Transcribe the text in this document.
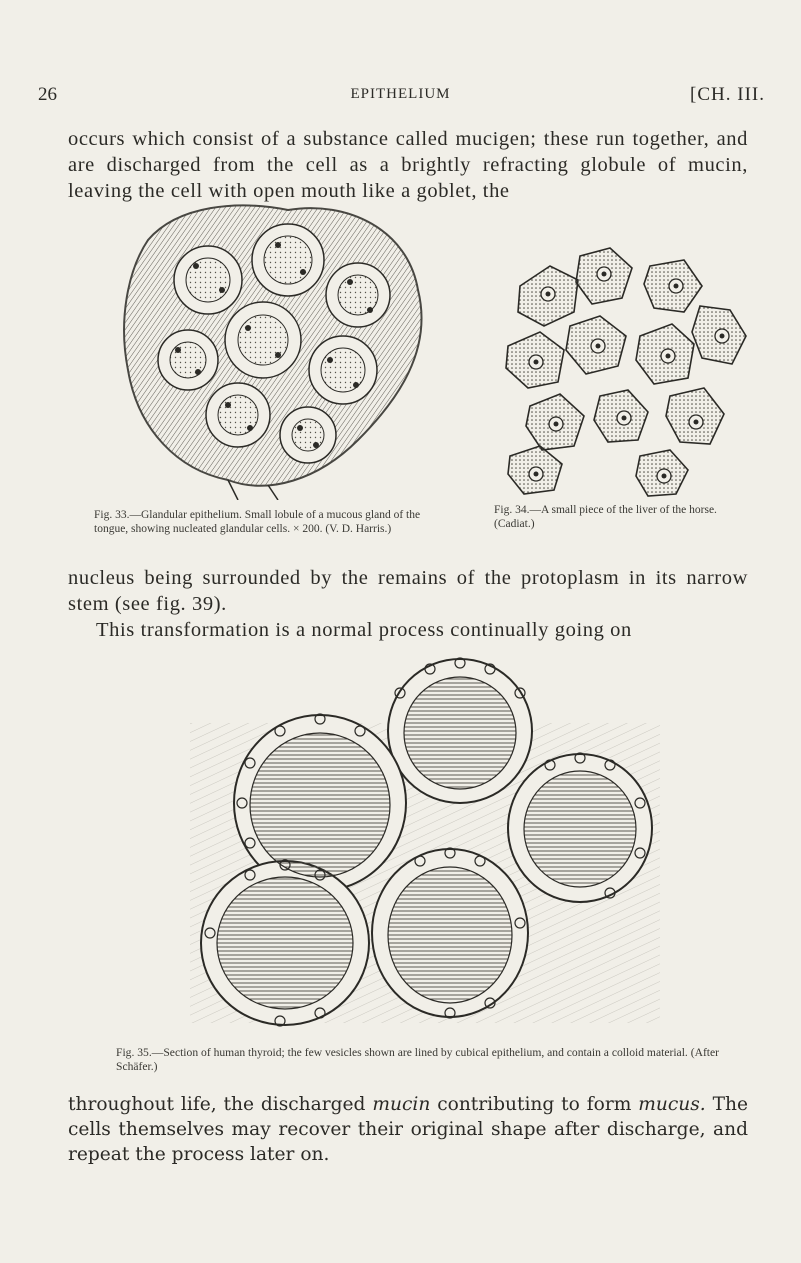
26	EPITHELIUM	[CH. III.
occurs which consist of a substance called mucigen; these run together, and are discharged from the cell as a brightly refracting globule of mucin, leaving the cell with open mouth like a goblet, the
Fig. 33.—Glandular epithelium. Small lobule of a mucous gland of the tongue, showing nucleated glandular cells. × 200. (V. D. Harris.)
Fig. 34.—A small piece of the liver of the horse. (Cadiat.)
nucleus being surrounded by the remains of the protoplasm in its narrow stem (see fig. 39).
This transformation is a normal process continually going on
Fig. 35.—Section of human thyroid; the few vesicles shown are lined by cubical epithelium, and contain a colloid material. (After Schäfer.)
throughout life, the discharged mucin contributing to form mucus. The cells themselves may recover their original shape after discharge, and repeat the process later on.
